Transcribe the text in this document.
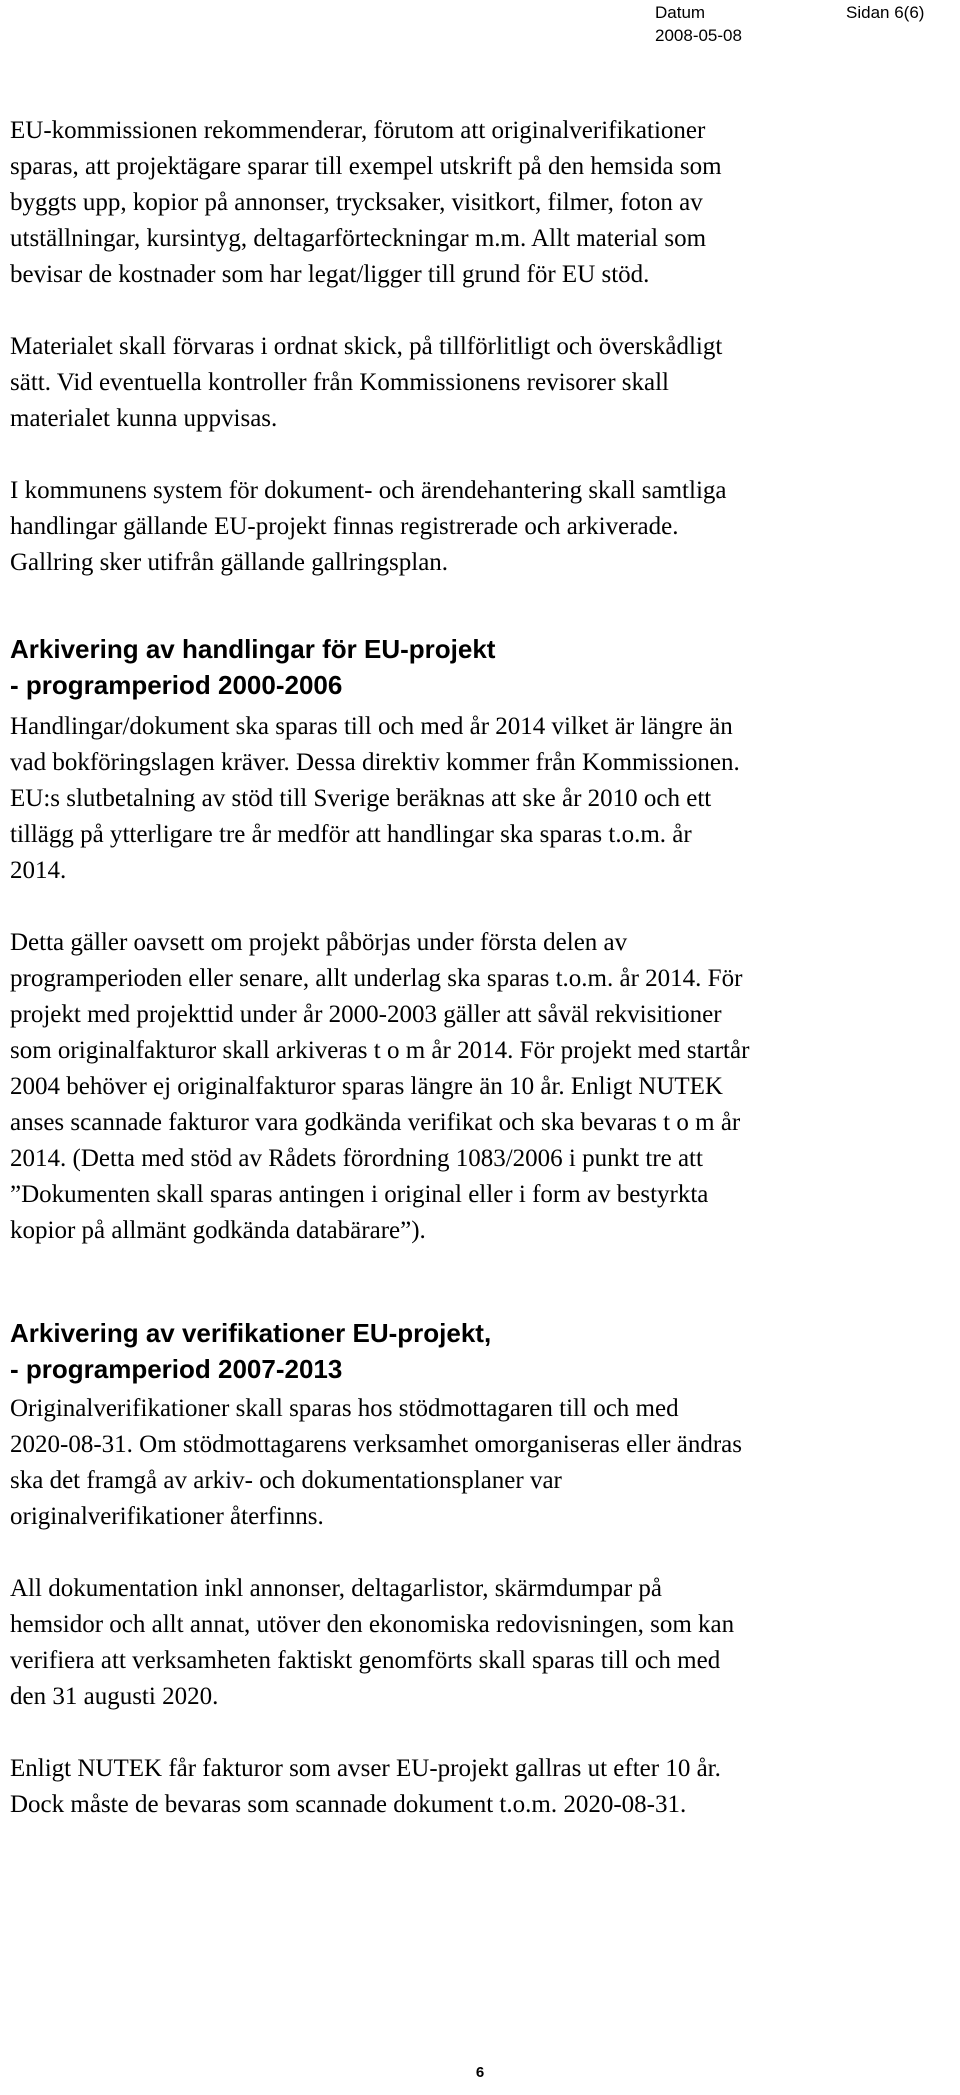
Datum
2008-05-08
Sidan 6(6)

EU-kommissionen rekommenderar, förutom att originalverifikationer
sparas, att projektägare sparar till exempel utskrift på den hemsida som
byggts upp, kopior på annonser, trycksaker, visitkort, filmer, foton av
utställningar, kursintyg, deltagarförteckningar m.m. Allt material som
bevisar de kostnader som har legat/ligger till grund för EU stöd.

Materialet skall förvaras i ordnat skick, på tillförlitligt och överskådligt
sätt. Vid eventuella kontroller från Kommissionens revisorer skall
materialet kunna uppvisas.

I kommunens system för dokument- och ärendehantering skall samtliga
handlingar gällande EU-projekt finnas registrerade och arkiverade.
Gallring sker utifrån gällande gallringsplan.

Arkivering av handlingar för EU-projekt
- programperiod 2000-2006

Handlingar/dokument ska sparas till och med år 2014 vilket är längre än
vad bokföringslagen kräver. Dessa direktiv kommer från Kommissionen.
EU:s slutbetalning av stöd till Sverige beräknas att ske år 2010 och ett
tillägg på ytterligare tre år medför att handlingar ska sparas t.o.m. år
2014.

Detta gäller oavsett om projekt påbörjas under första delen av
programperioden eller senare, allt underlag ska sparas t.o.m. år 2014. För
projekt med projekttid under år 2000-2003 gäller att såväl rekvisitioner
som originalfakturor skall arkiveras t o m år 2014. För projekt med startår
2004 behöver ej originalfakturor sparas längre än 10 år. Enligt NUTEK
anses scannade fakturor vara godkända verifikat och ska bevaras t o m år
2014. (Detta med stöd av Rådets förordning 1083/2006 i punkt tre att
”Dokumenten skall sparas antingen i original eller i form av bestyrkta
kopior på allmänt godkända databärare”).

Arkivering av verifikationer EU-projekt,
- programperiod 2007-2013

Originalverifikationer skall sparas hos stödmottagaren till och med
2020-08-31. Om stödmottagarens verksamhet omorganiseras eller ändras
ska det framgå av arkiv- och dokumentationsplaner var
originalverifikationer återfinns.

All dokumentation inkl annonser, deltagarlistor, skärmdumpar på
hemsidor och allt annat, utöver den ekonomiska redovisningen, som kan
verifiera att verksamheten faktiskt genomförts skall sparas till och med
den 31 augusti 2020.

Enligt NUTEK får fakturor som avser EU-projekt gallras ut efter 10 år.
Dock måste de bevaras som scannade dokument t.o.m. 2020-08-31.

6
